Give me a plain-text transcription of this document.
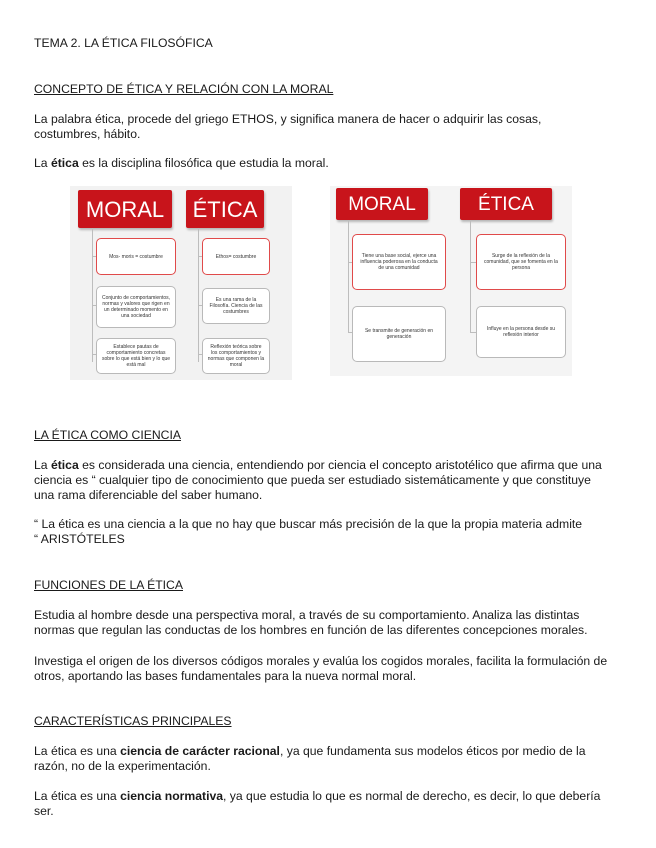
TEMA 2. LA ÉTICA FILOSÓFICA

CONCEPTO DE ÉTICA Y RELACIÓN CON LA MORAL

La palabra ética, procede del griego ETHOS, y significa manera de hacer o adquirir las cosas, costumbres, hábito.

La ética es la disciplina filosófica que estudia la moral.

MORAL	ÉTICA
Mos- moris = costumbre
Conjunto de comportamientos, normas y valores que rigen en un determinado momento en una sociedad
Establece pautas de comportamiento concretas sobre lo que está bien y lo que está mal
Ethos= costumbre
Es una rama de la Filosofía. Ciencia de las costumbres
Reflexión teórica sobre los comportamientos y normas que componen la moral
MORAL	ÉTICA
Tiene una base social, ejerce una influencia poderosa en la conducta de una comunidad
Se transmite de generación en generación
Surge de la reflexión de la comunidad, que se fomenta en la persona
Influye en la persona desde su reflexión interior

LA ÉTICA COMO CIENCIA

La ética es considerada una ciencia, entendiendo por ciencia el concepto aristotélico que afirma que una ciencia es “ cualquier tipo de conocimiento que pueda ser estudiado sistemáticamente y que constituye una rama diferenciable del saber humano.

“ La ética es una ciencia a la que no hay que buscar más precisión de la que la propia materia admite

“ ARISTÓTELES

FUNCIONES DE LA ÉTICA

Estudia al hombre desde una perspectiva moral, a través de su comportamiento. Analiza las distintas normas que regulan las conductas de los hombres en función de las diferentes concepciones morales.

Investiga el origen de los diversos códigos morales y evalúa los cogidos morales, facilita la formulación de otros, aportando las bases fundamentales para la nueva normal moral.

CARACTERÍSTICAS PRINCIPALES

La ética es una ciencia de carácter racional, ya que fundamenta sus modelos éticos por medio de la razón, no de la experimentación.

La ética es una ciencia normativa, ya que estudia lo que es normal de derecho, es decir, lo que debería ser.
